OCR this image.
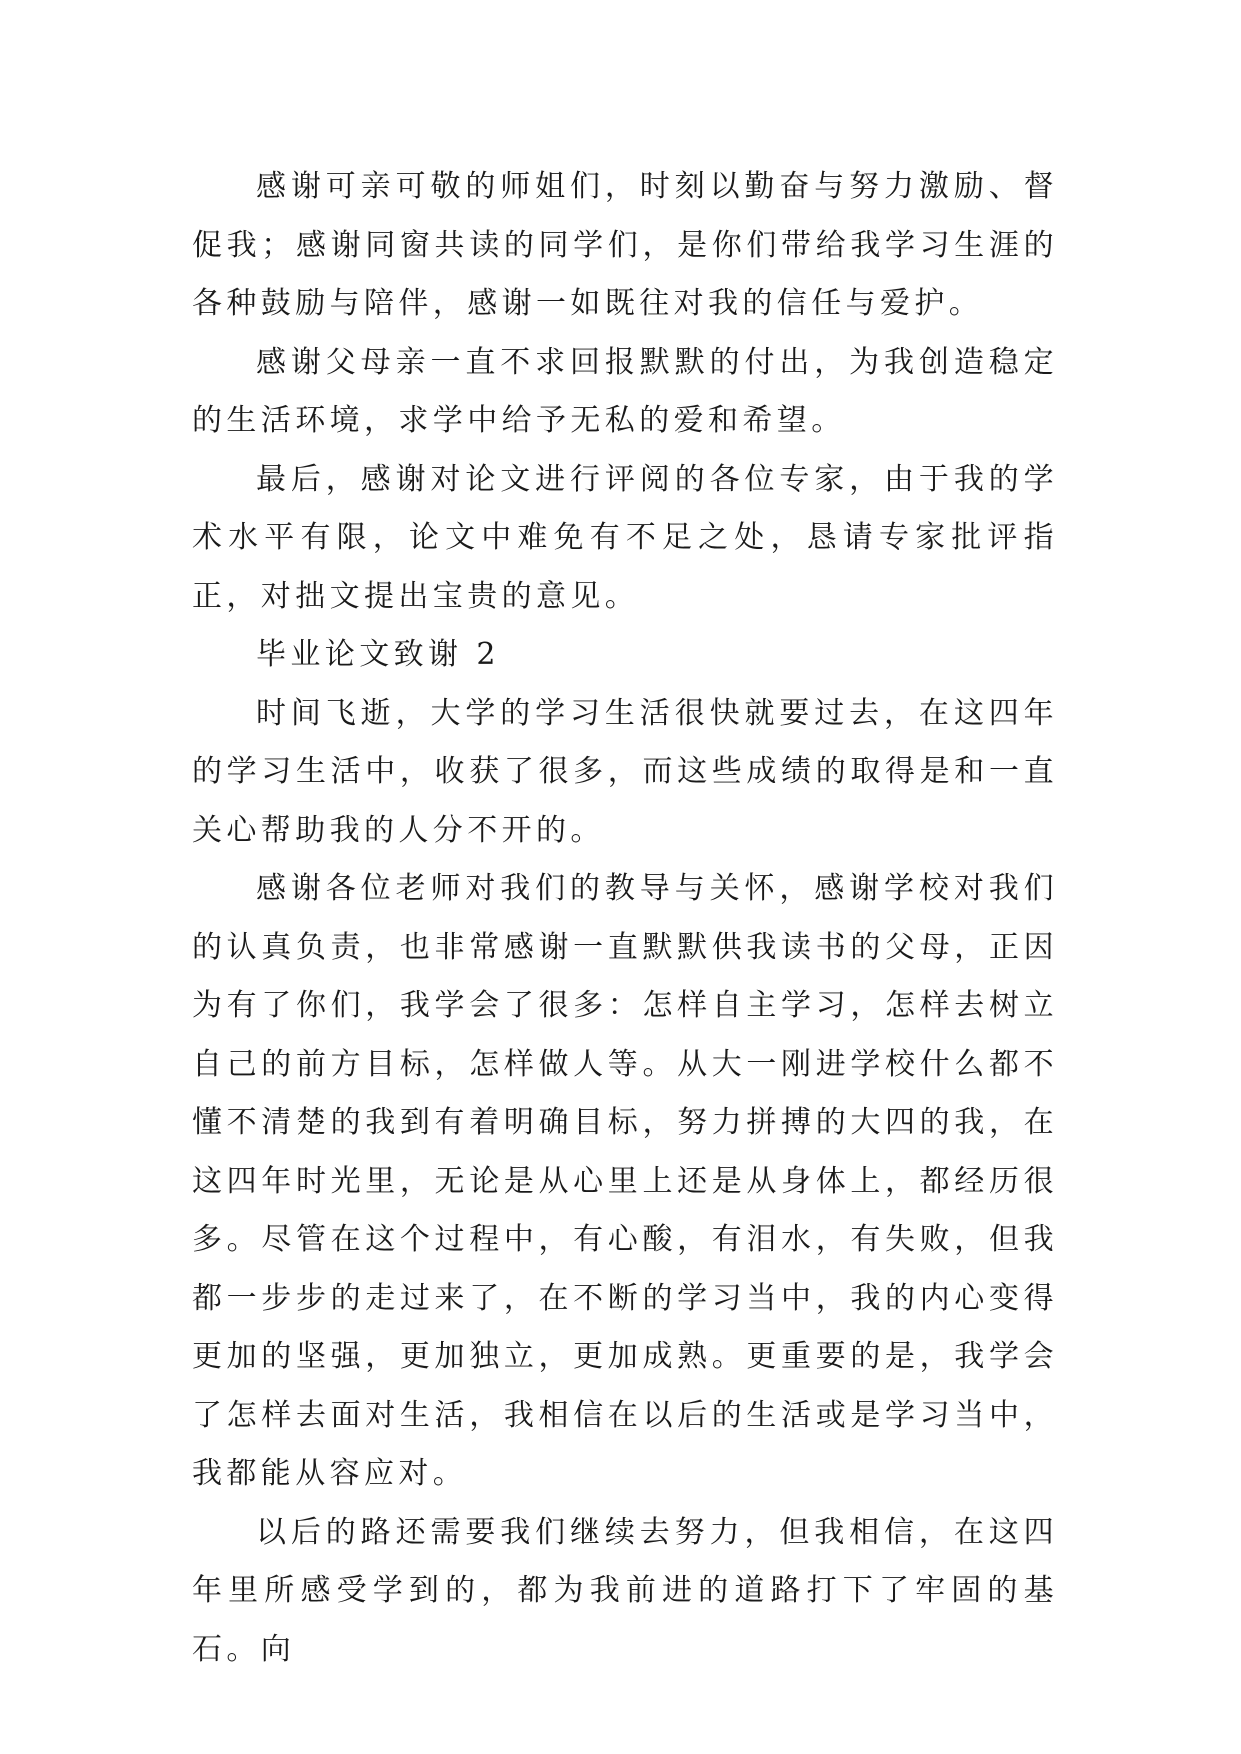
感谢可亲可敬的师姐们，时刻以勤奋与努力激励、督促我；感谢同窗共读的同学们，是你们带给我学习生涯的各种鼓励与陪伴，感谢一如既往对我的信任与爱护。

感谢父母亲一直不求回报默默的付出，为我创造稳定的生活环境，求学中给予无私的爱和希望。

最后，感谢对论文进行评阅的各位专家，由于我的学术水平有限，论文中难免有不足之处，恳请专家批评指正，对拙文提出宝贵的意见。

毕业论文致谢 2

时间飞逝，大学的学习生活很快就要过去，在这四年的学习生活中，收获了很多，而这些成绩的取得是和一直关心帮助我的人分不开的。

感谢各位老师对我们的教导与关怀，感谢学校对我们的认真负责，也非常感谢一直默默供我读书的父母，正因为有了你们，我学会了很多：怎样自主学习，怎样去树立自己的前方目标，怎样做人等。从大一刚进学校什么都不懂不清楚的我到有着明确目标，努力拼搏的大四的我，在这四年时光里，无论是从心里上还是从身体上，都经历很多。尽管在这个过程中，有心酸，有泪水，有失败，但我都一步步的走过来了，在不断的学习当中，我的内心变得更加的坚强，更加独立，更加成熟。更重要的是，我学会了怎样去面对生活，我相信在以后的生活或是学习当中，我都能从容应对。

以后的路还需要我们继续去努力，但我相信，在这四年里所感受学到的，都为我前进的道路打下了牢固的基石。向
